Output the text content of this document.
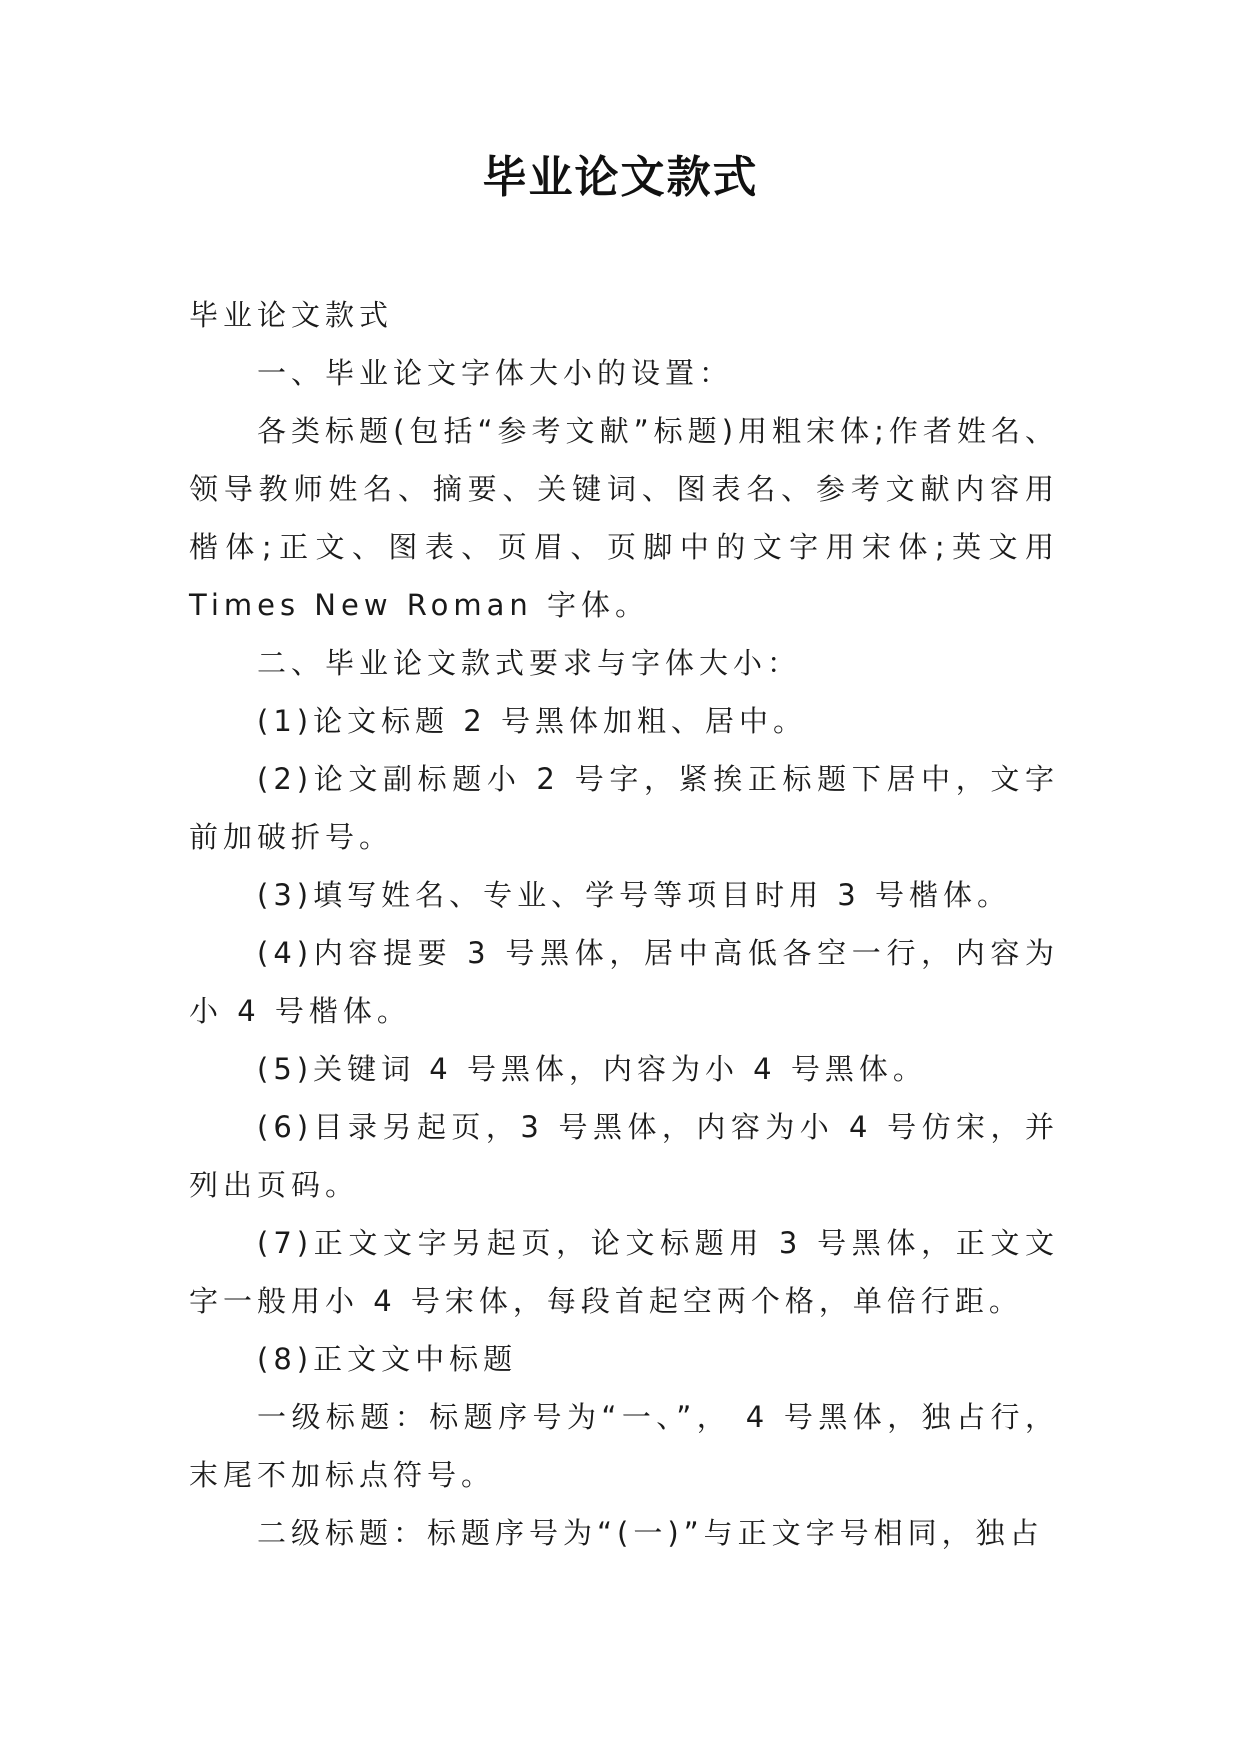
毕业论文款式

毕业论文款式

一、毕业论文字体大小的设置：

各类标题(包括“参考文献”标题)用粗宋体;作者姓名、领导教师姓名、摘要、关键词、图表名、参考文献内容用楷体;正文、图表、页眉、页脚中的文字用宋体;英文用Times New Roman 字体。

二、毕业论文款式要求与字体大小：

(1)论文标题 2 号黑体加粗、居中。

(2)论文副标题小 2 号字，紧挨正标题下居中，文字前加破折号。

(3)填写姓名、专业、学号等项目时用 3 号楷体。

(4)内容提要 3 号黑体，居中高低各空一行，内容为小 4 号楷体。

(5)关键词 4 号黑体，内容为小 4 号黑体。

(6)目录另起页，3 号黑体，内容为小 4 号仿宋，并列出页码。

(7)正文文字另起页，论文标题用 3 号黑体，正文文字一般用小 4 号宋体，每段首起空两个格，单倍行距。

(8)正文文中标题

一级标题：标题序号为“一、”， 4 号黑体，独占行，末尾不加标点符号。

二级标题：标题序号为“(一)”与正文字号相同，独占
